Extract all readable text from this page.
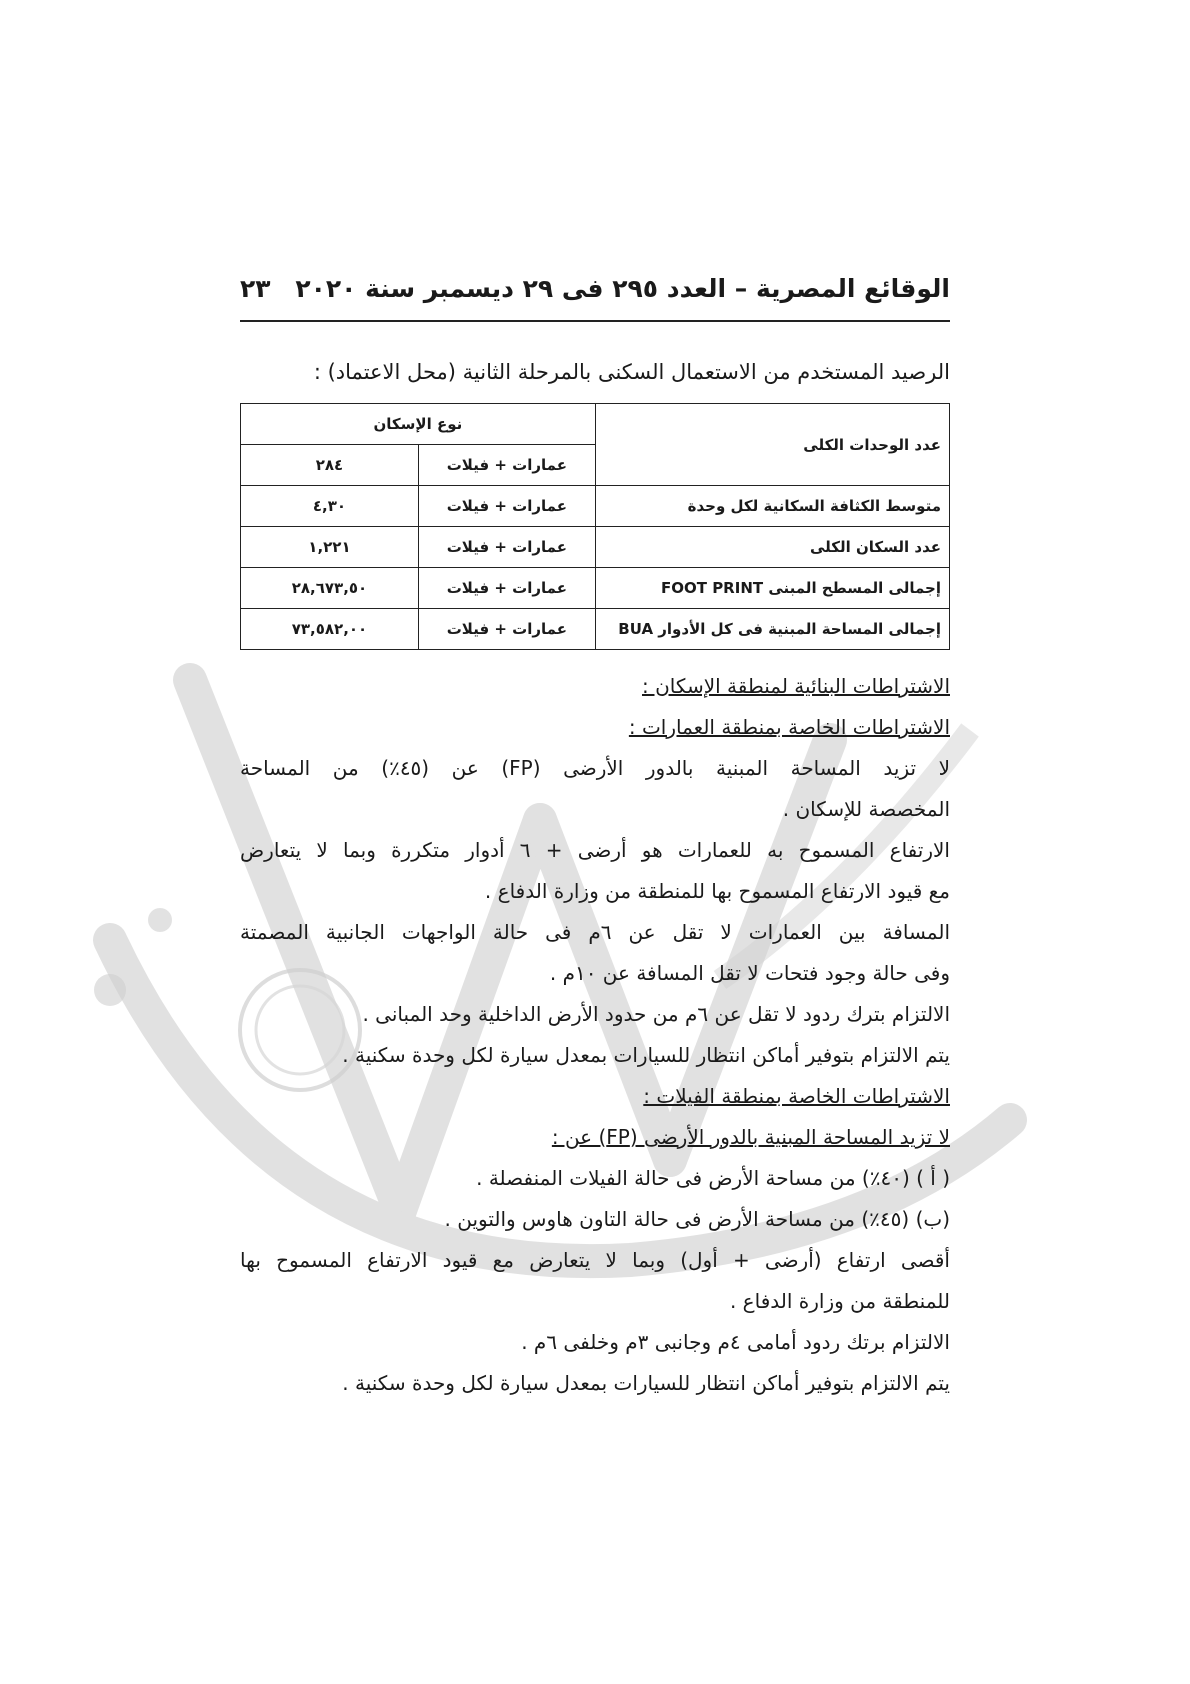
الوقائع المصرية – العدد ٢٩٥ فى ٢٩ ديسمبر سنة ٢٠٢٠
٢٣
الرصيد المستخدم من الاستعمال السكنى بالمرحلة الثانية (محل الاعتماد) :
عدد الوحدات الكلى	نوع الإسكان	
	عمارات + فيلات	٢٨٤
متوسط الكثافة السكانية لكل وحدة	عمارات + فيلات	٤,٣٠
عدد السكان الكلى	عمارات + فيلات	١,٢٢١
إجمالى المسطح المبنى FOOT PRINT	عمارات + فيلات	٢٨,٦٧٣,٥٠
إجمالى المساحة المبنية فى كل الأدوار BUA	عمارات + فيلات	٧٣,٥٨٢,٠٠

الاشتراطات البنائية لمنطقة الإسكان :

الاشتراطات الخاصة بمنطقة العمارات :

لا تزيد المساحة المبنية بالدور الأرضى (FP) عن (٤٥٪) من المساحة

المخصصة للإسكان .

الارتفاع المسموح به للعمارات هو أرضى + ٦ أدوار متكررة وبما لا يتعارض

مع قيود الارتفاع المسموح بها للمنطقة من وزارة الدفاع .

المسافة بين العمارات لا تقل عن ٦م فى حالة الواجهات الجانبية المصمتة

وفى حالة وجود فتحات لا تقل المسافة عن ١٠م .

الالتزام بترك ردود لا تقل عن ٦م من حدود الأرض الداخلية وحد المبانى .

يتم الالتزام بتوفير أماكن انتظار للسيارات بمعدل سيارة لكل وحدة سكنية .

الاشتراطات الخاصة بمنطقة الفيلات :

لا تزيد المساحة المبنية بالدور الأرضى (FP) عن :

( أ ) (٤٠٪) من مساحة الأرض فى حالة الفيلات المنفصلة .

(ب) (٤٥٪) من مساحة الأرض فى حالة التاون هاوس والتوين .

أقصى ارتفاع (أرضى + أول) وبما لا يتعارض مع قيود الارتفاع المسموح بها

للمنطقة من وزارة الدفاع .

الالتزام برتك ردود أمامى ٤م وجانبى ٣م وخلفى ٦م .

يتم الالتزام بتوفير أماكن انتظار للسيارات بمعدل سيارة لكل وحدة سكنية .
